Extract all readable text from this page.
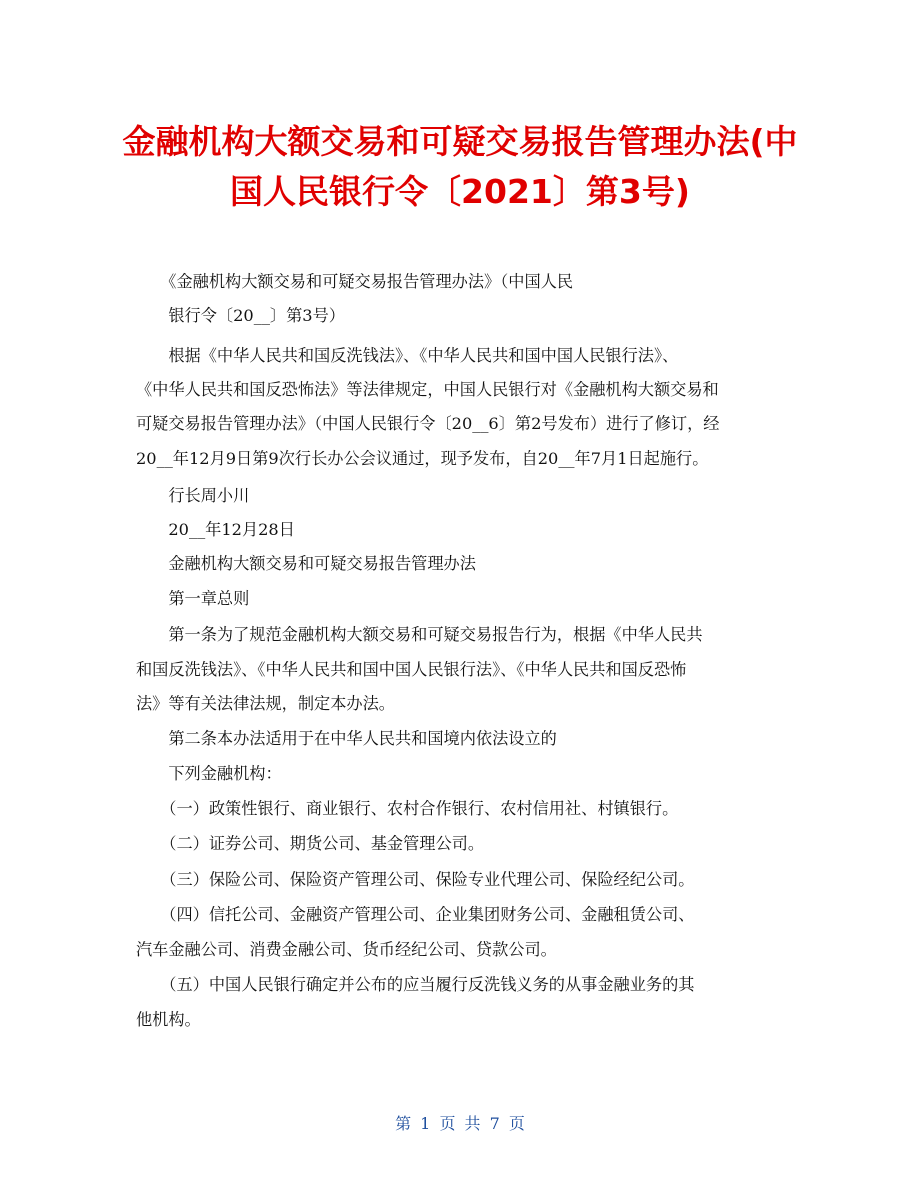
金融机构大额交易和可疑交易报告管理办法(中
国人民银行令〔2021〕第3号)
　　《金融机构大额交易和可疑交易报告管理办法》（中国人民
　　银行令〔20__〕第3号）
　　根据《中华人民共和国反洗钱法》、《中华人民共和国中国人民银行法》、
《中华人民共和国反恐怖法》等法律规定，中国人民银行对《金融机构大额交易和
可疑交易报告管理办法》（中国人民银行令〔20__6〕第2号发布）进行了修订，经
20__年12月9日第9次行长办公会议通过，现予发布，自20__年7月1日起施行。
　　行长周小川
　　20__年12月28日
　　金融机构大额交易和可疑交易报告管理办法
　　第一章总则
　　第一条为了规范金融机构大额交易和可疑交易报告行为，根据《中华人民共
和国反洗钱法》、《中华人民共和国中国人民银行法》、《中华人民共和国反恐怖
法》等有关法律法规，制定本办法。
　　第二条本办法适用于在中华人民共和国境内依法设立的
　　下列金融机构：
　　（一）政策性银行、商业银行、农村合作银行、农村信用社、村镇银行。
　　（二）证券公司、期货公司、基金管理公司。
　　（三）保险公司、保险资产管理公司、保险专业代理公司、保险经纪公司。
　　（四）信托公司、金融资产管理公司、企业集团财务公司、金融租赁公司、
汽车金融公司、消费金融公司、货币经纪公司、贷款公司。
　　（五）中国人民银行确定并公布的应当履行反洗钱义务的从事金融业务的其
他机构。
第 1 页 共 7 页
